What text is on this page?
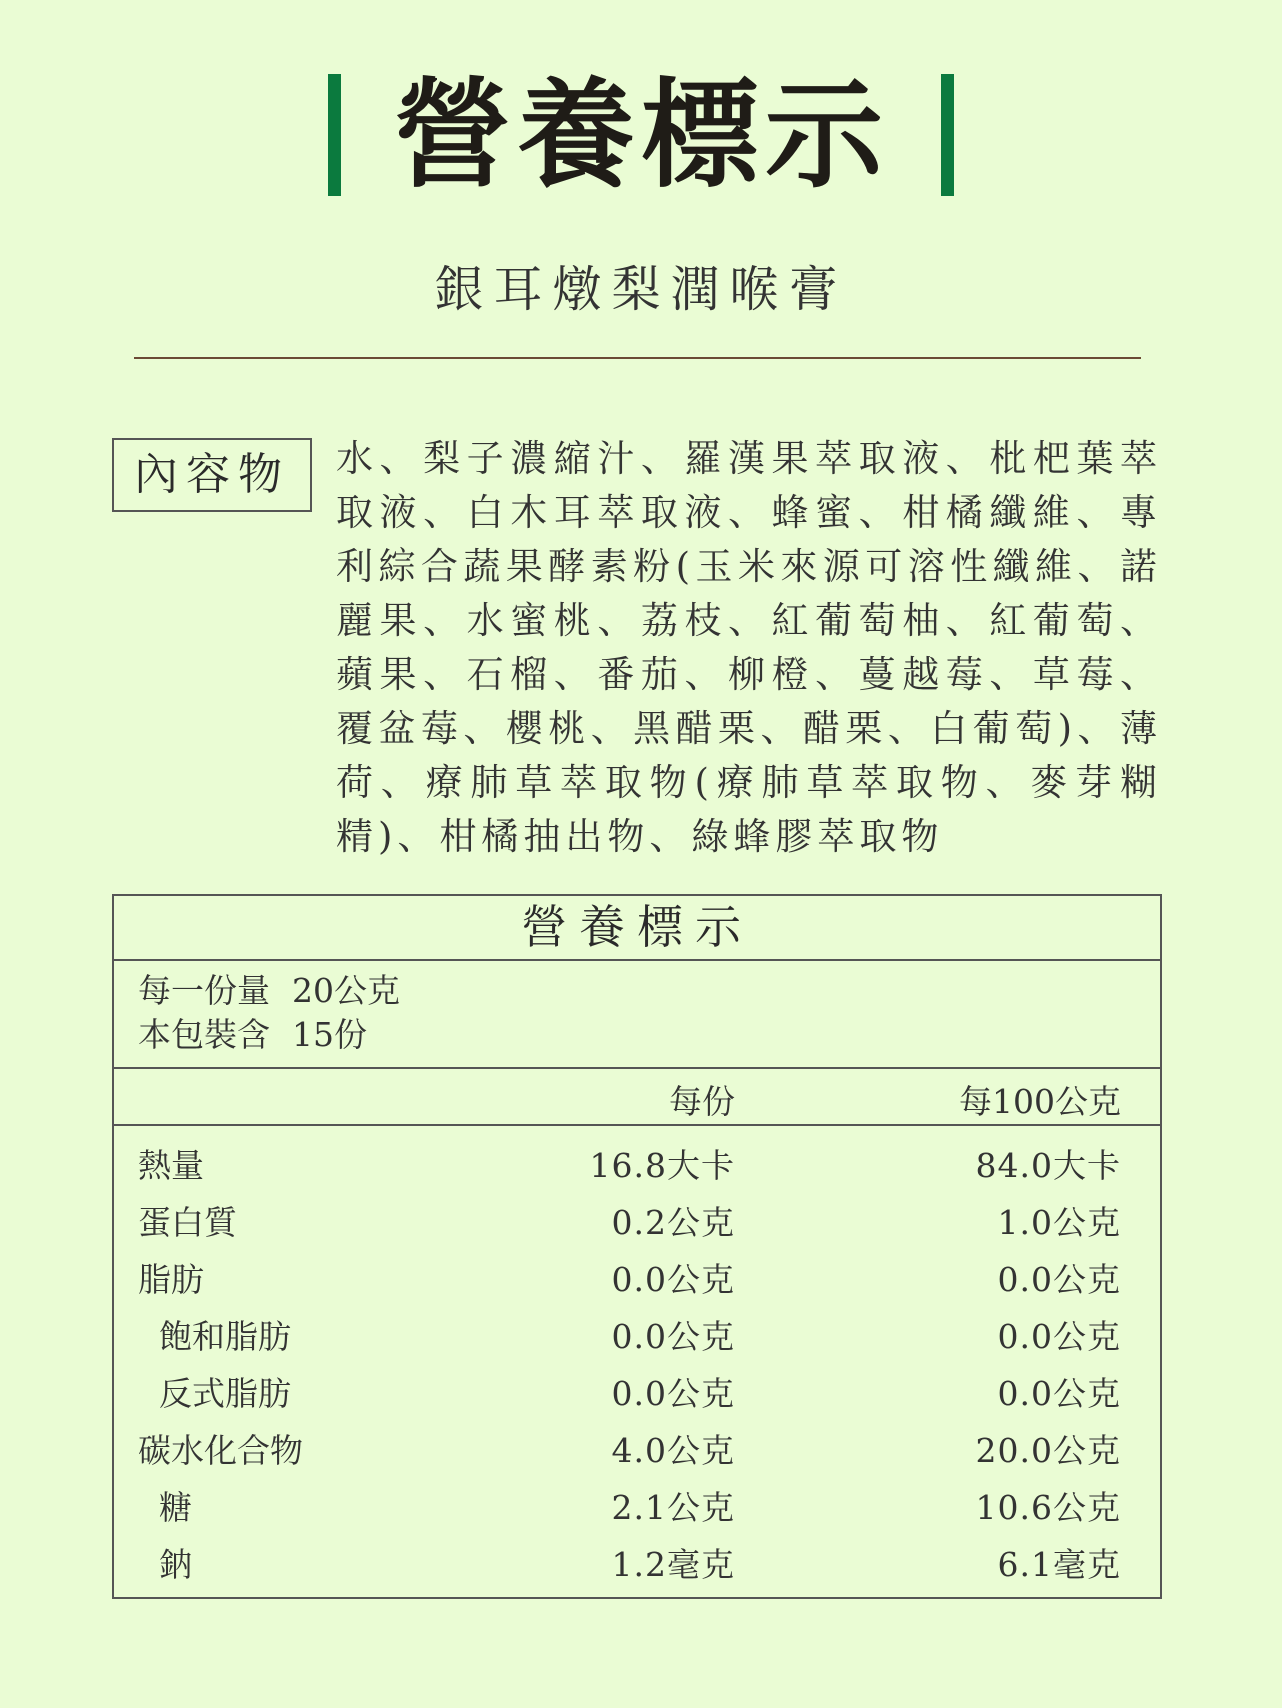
營養標示
銀耳燉梨潤喉膏
內容物	水、梨子濃縮汁、羅漢果萃取液、枇杷葉萃取液、白木耳萃取液、蜂蜜、柑橘纖維、專利綜合蔬果酵素粉(玉米來源可溶性纖維、諾麗果、水蜜桃、荔枝、紅葡萄柚、紅葡萄、蘋果、石榴、番茄、柳橙、蔓越莓、草莓、覆盆莓、櫻桃、黑醋栗、醋栗、白葡萄)、薄荷、療肺草萃取物(療肺草萃取物、麥芽糊精)、柑橘抽出物、綠蜂膠萃取物
營養標示
每一份量 20公克
本包裝含 15份
每份	每100公克
熱量	16.8大卡	84.0大卡
蛋白質	0.2公克	1.0公克
脂肪	0.0公克	0.0公克
飽和脂肪	0.0公克	0.0公克
反式脂肪	0.0公克	0.0公克
碳水化合物	4.0公克	20.0公克
糖	2.1公克	10.6公克
鈉	1.2毫克	6.1毫克
